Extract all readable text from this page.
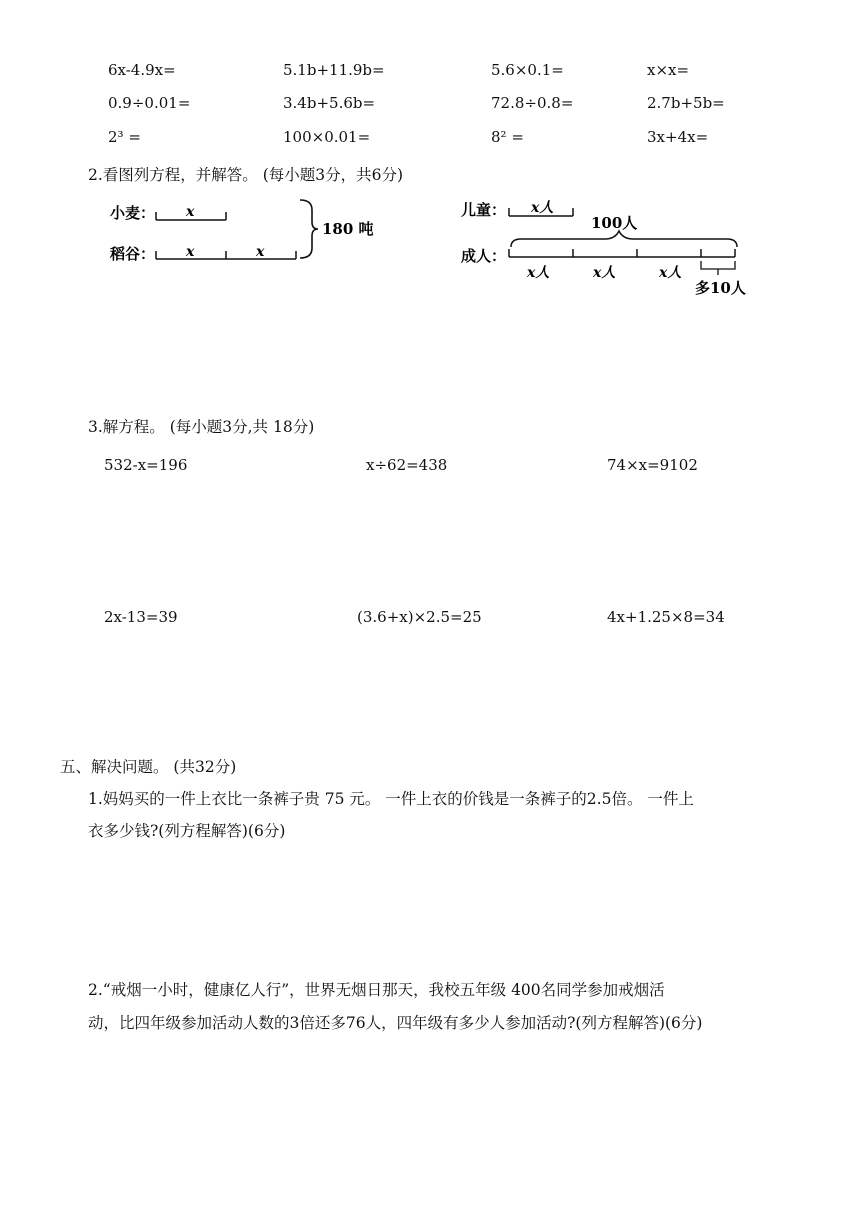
6x-4.9x=	5.1b+11.9b=	5.6×0.1=	x×x=
0.9÷0.01=	3.4b+5.6b=	72.8÷0.8=	2.7b+5b=
2³ =	100×0.01=	8² =	3x+4x=
2.看图列方程，并解答。 (每小题3分，共6分)
小麦： x
稻谷： x	x
180 吨
儿童： x人
100人
成人：
x人	x人	x人
多10人
3.解方程。 (每小题3分,共 18分)
532-x=196	x÷62=438	74×x=9102
2x-13=39	(3.6+x)×2.5=25	4x+1.25×8=34
五、解决问题。 (共32分)
1.妈妈买的一件上衣比一条裤子贵 75 元。 一件上衣的价钱是一条裤子的2.5倍。 一件上
衣多少钱?(列方程解答)(6分)
2.“戒烟一小时，健康亿人行”，世界无烟日那天，我校五年级 400名同学参加戒烟活
动，比四年级参加活动人数的3倍还多76人，四年级有多少人参加活动?(列方程解答)(6分)
